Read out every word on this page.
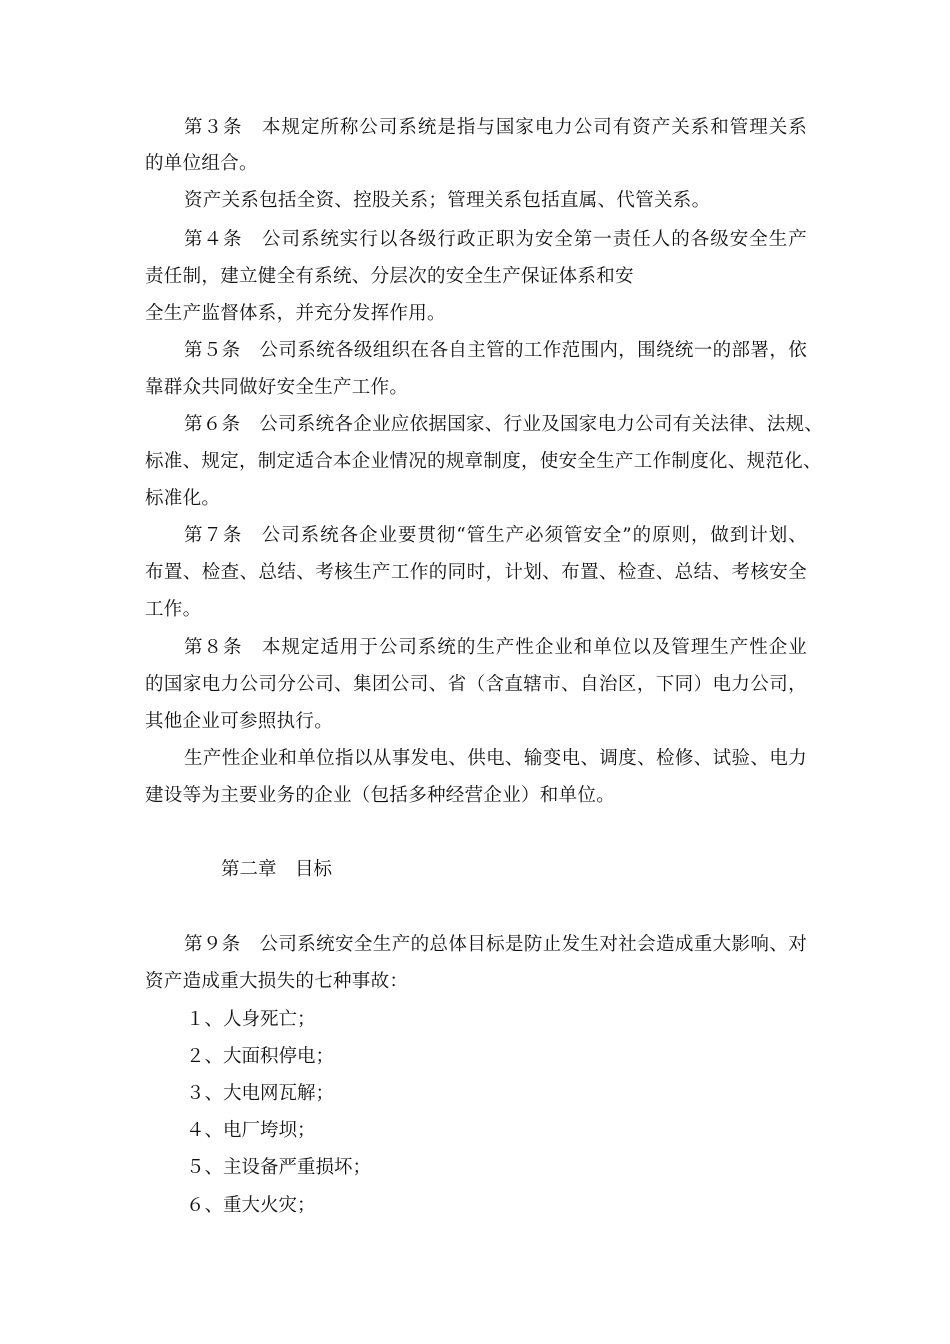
第３条　本规定所称公司系统是指与国家电力公司有资产关系和管理关系
的单位组合。
资产关系包括全资、控股关系；管理关系包括直属、代管关系。
第４条　公司系统实行以各级行政正职为安全第一责任人的各级安全生产
责任制，建立健全有系统、分层次的安全生产保证体系和安
全生产监督体系，并充分发挥作用。
第５条　公司系统各级组织在各自主管的工作范围内，围绕统一的部署，依
靠群众共同做好安全生产工作。
第６条　公司系统各企业应依据国家、行业及国家电力公司有关法律、法规、
标准、规定，制定适合本企业情况的规章制度，使安全生产工作制度化、规范化、
标准化。
第７条　公司系统各企业要贯彻“管生产必须管安全”的原则，做到计划、
布置、检查、总结、考核生产工作的同时，计划、布置、检查、总结、考核安全
工作。
第８条　本规定适用于公司系统的生产性企业和单位以及管理生产性企业
的国家电力公司分公司、集团公司、省（含直辖市、自治区，下同）电力公司，
其他企业可参照执行。
生产性企业和单位指以从事发电、供电、输变电、调度、检修、试验、电力
建设等为主要业务的企业（包括多种经营企业）和单位。
第二章　目标
第９条　公司系统安全生产的总体目标是防止发生对社会造成重大影响、对
资产造成重大损失的七种事故：
１、人身死亡；
２、大面积停电；
３、大电网瓦解；
４、电厂垮坝；
５、主设备严重损坏；
６、重大火灾；
